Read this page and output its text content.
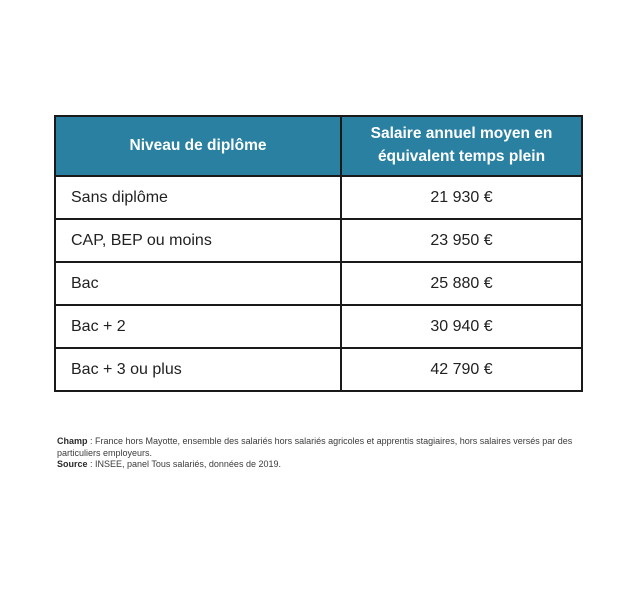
Niveau de diplôme	Salaire annuel moyen en équivalent temps plein
Sans diplôme	21 930 €
CAP, BEP ou moins	23 950 €
Bac	25 880 €
Bac + 2	30 940 €
Bac + 3 ou plus	42 790 €

Champ : France hors Mayotte, ensemble des salariés hors salariés agricoles et apprentis stagiaires, hors salaires versés par des particuliers employeurs.

Source : INSEE, panel Tous salariés, données de 2019.
